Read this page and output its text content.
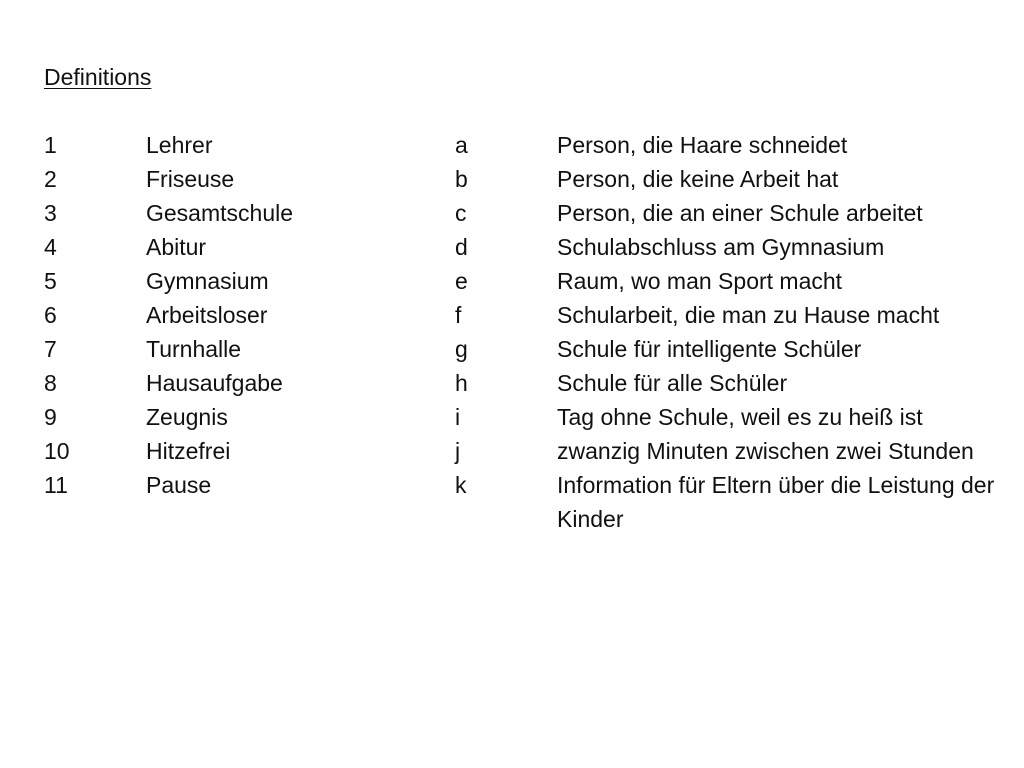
Definitions
1	Lehrer	a	Person, die Haare schneidet
2	Friseuse	b	Person, die keine Arbeit hat
3	Gesamtschule	c	Person, die an einer Schule arbeitet
4	Abitur	d	Schulabschluss am Gymnasium
5	Gymnasium	e	Raum, wo man Sport macht
6	Arbeitsloser	f	Schularbeit, die man zu Hause macht
7	Turnhalle	g	Schule für intelligente Schüler
8	Hausaufgabe	h	Schule für alle Schüler
9	Zeugnis	i	Tag ohne Schule, weil es zu heiß ist
10	Hitzefrei	j	zwanzig Minuten zwischen zwei Stunden
11	Pause	k	Information für Eltern über die Leistung der Kinder
